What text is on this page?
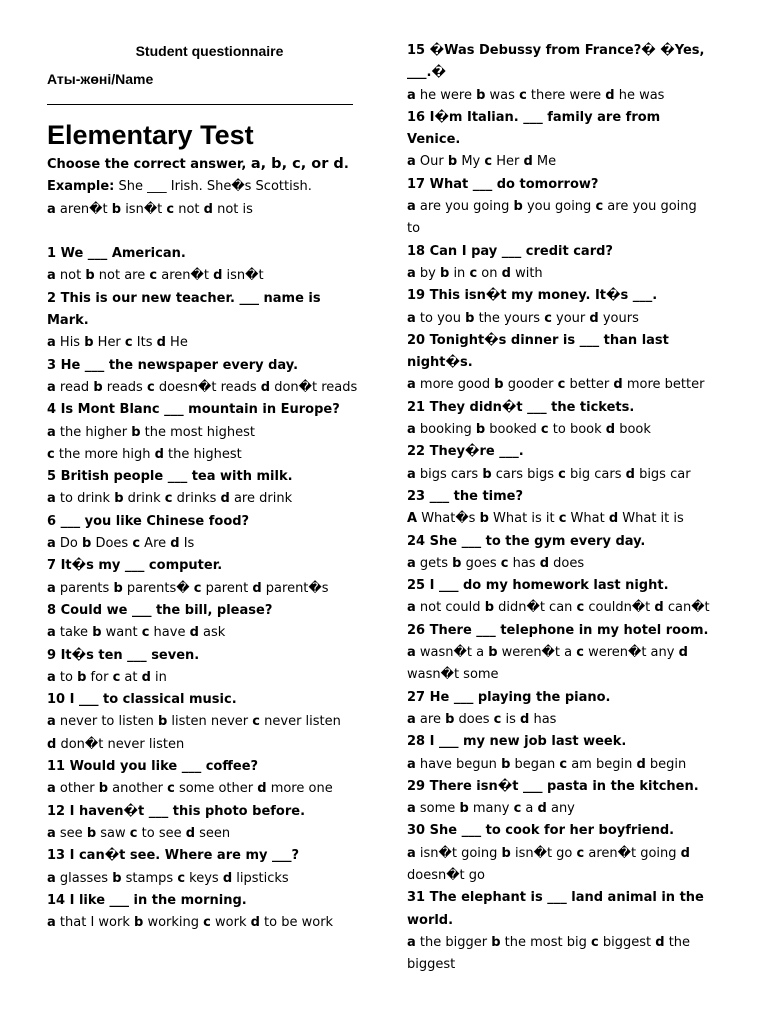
Student questionnaire
Аты-жөні/Name
Elementary Test
Choose the correct answer, a, b, c, or d.
Example: She ___ Irish. She�s Scottish.
a aren�t b isn�t c not d not is
1 We ___ American.
a not b not are c aren�t d isn�t
2 This is our new teacher. ___ name is
Mark.
a His b Her c Its d He
3 He ___ the newspaper every day.
a read b reads c doesn�t reads d don�t reads
4 Is Mont Blanc ___ mountain in Europe?
a the higher b the most highest
c the more high d the highest
5 British people ___ tea with milk.
a to drink b drink c drinks d are drink
6 ___ you like Chinese food?
a Do b Does c Are d Is
7 It�s my ___ computer.
a parents b parents� c parent d parent�s
8 Could we ___ the bill, please?
a take b want c have d ask
9 It�s ten ___ seven.
a to b for c at d in
10 I ___ to classical music.
a never to listen b listen never c never listen
d don�t never listen
11 Would you like ___ coffee?
a other b another c some other d more one
12 I haven�t ___ this photo before.
a see b saw c to see d seen
13 I can�t see. Where are my ___?
a glasses b stamps c keys d lipsticks
14 I like ___ in the morning.
a that I work b working c work d to be work
15 �Was Debussy from France?� �Yes,
___.�
a he were b was c there were d he was
16 I�m Italian. ___ family are from
Venice.
a Our b My c Her d Me
17 What ___ do tomorrow?
a are you going b you going c are you going
to
18 Can I pay ___ credit card?
a by b in c on d with
19 This isn�t my money. It�s ___.
a to you b the yours c your d yours
20 Tonight�s dinner is ___ than last
night�s.
a more good b gooder c better d more better
21 They didn�t ___ the tickets.
a booking b booked c to book d book
22 They�re ___.
a bigs cars b cars bigs c big cars d bigs car
23 ___ the time?
A What�s b What is it c What d What it is
24 She ___ to the gym every day.
a gets b goes c has d does
25 I ___ do my homework last night.
a not could b didn�t can c couldn�t d can�t
26 There ___ telephone in my hotel room.
a wasn�t a b weren�t a c weren�t any d
wasn�t some
27 He ___ playing the piano.
a are b does c is d has
28 I ___ my new job last week.
a have begun b began c am begin d begin
29 There isn�t ___ pasta in the kitchen.
a some b many c a d any
30 She ___ to cook for her boyfriend.
a isn�t going b isn�t go c aren�t going d
doesn�t go
31 The elephant is ___ land animal in the
world.
a the bigger b the most big c biggest d the
biggest
